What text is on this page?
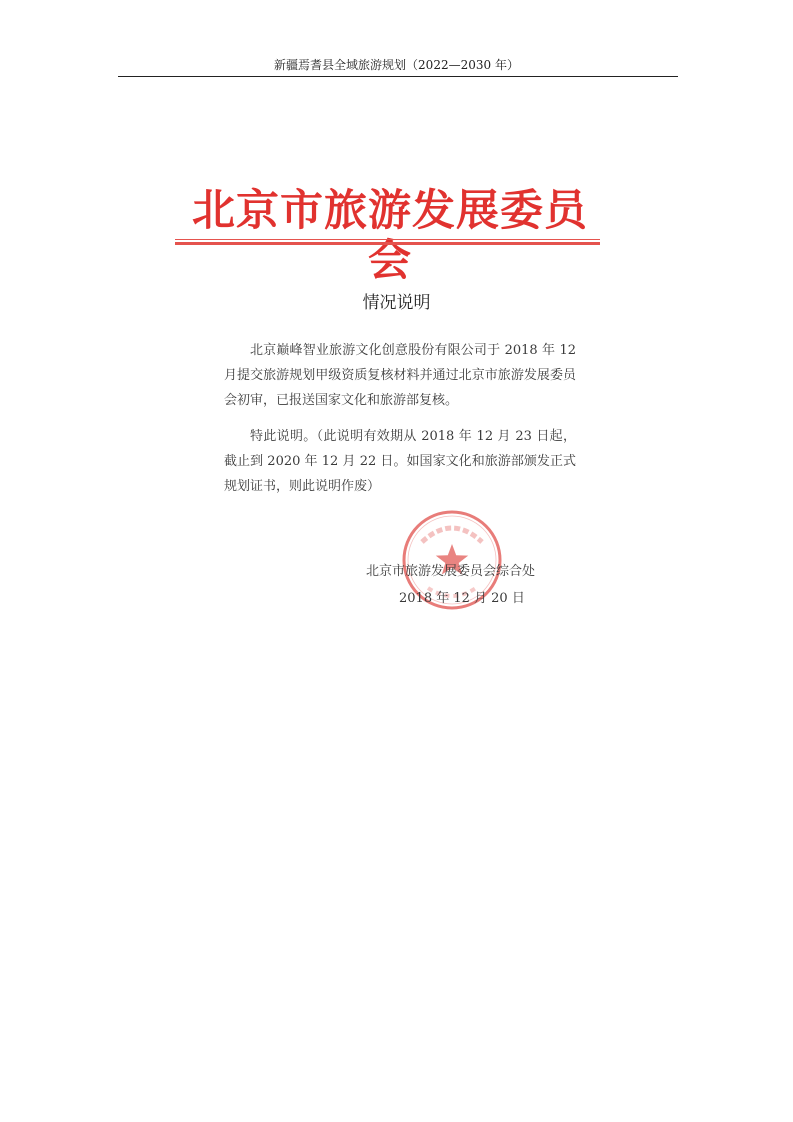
新疆焉耆县全域旅游规划（2022—2030 年）
北京市旅游发展委员会
情况说明

北京巅峰智业旅游文化创意股份有限公司于 2018 年 12 月提交旅游规划甲级资质复核材料并通过北京市旅游发展委员会初审，已报送国家文化和旅游部复核。

特此说明。（此说明有效期从 2018 年 12 月 23 日起，截止到 2020 年 12 月 22 日。如国家文化和旅游部颁发正式规划证书，则此说明作废）

北京市旅游发展委员会综合处
2018 年 12 月 20 日
